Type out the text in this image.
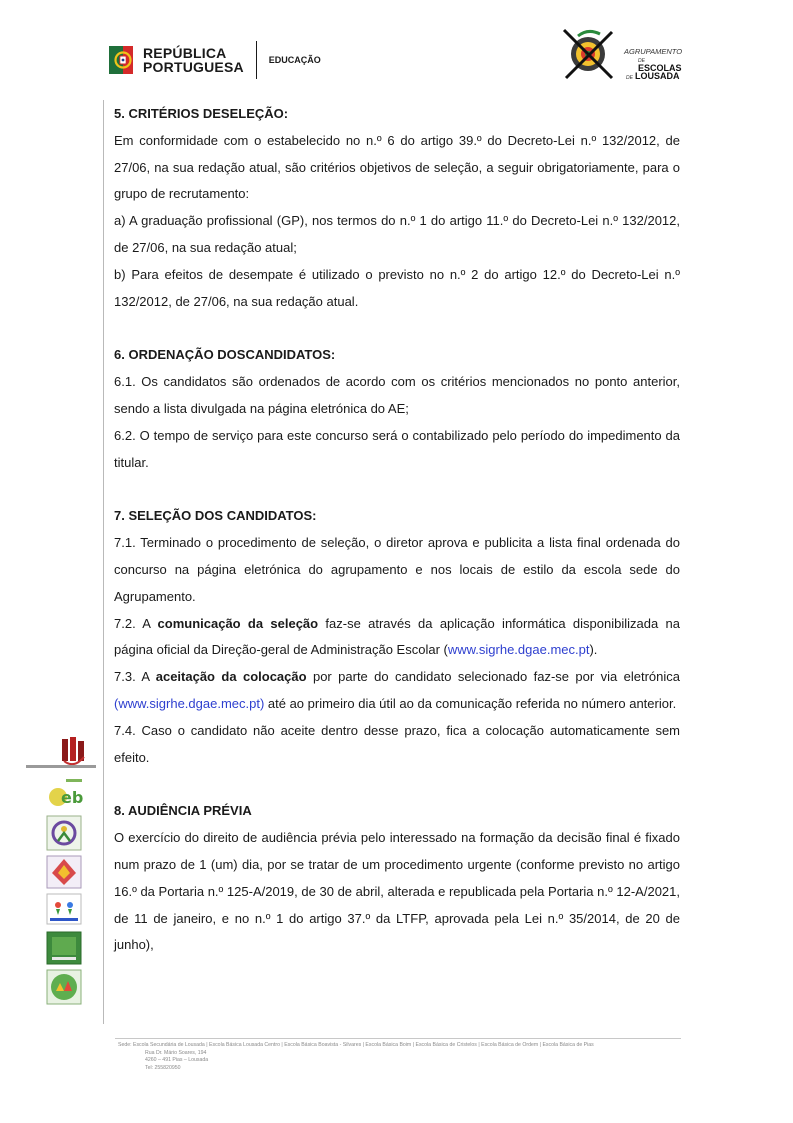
REPÚBLICA
PORTUGUESA	EDUCAÇÃO
AGRUPAMENTO
DE ESCOLAS
DE LOUSADA
5. CRITÉRIOS DESELEÇÃO:

Em conformidade com o estabelecido no n.º 6 do artigo 39.º do Decreto-Lei n.º 132/2012, de 27/06, na sua redação atual, são critérios objetivos de seleção, a seguir obrigatoriamente, para o grupo de recrutamento:

a) A graduação profissional (GP), nos termos do n.º 1 do artigo 11.º do Decreto-Lei n.º 132/2012, de 27/06, na sua redação atual;

b) Para efeitos de desempate é utilizado o previsto no n.º 2 do artigo 12.º do Decreto-Lei n.º 132/2012, de 27/06, na sua redação atual.

6. ORDENAÇÃO DOSCANDIDATOS:

6.1. Os candidatos são ordenados de acordo com os critérios mencionados no ponto anterior, sendo a lista divulgada na página eletrónica do AE;

6.2. O tempo de serviço para este concurso será o contabilizado pelo período do impedimento da titular.

7. SELEÇÃO DOS CANDIDATOS:

7.1. Terminado o procedimento de seleção, o diretor aprova e publicita a lista final ordenada do concurso na página eletrónica do agrupamento e nos locais de estilo da escola sede do Agrupamento.

7.2. A comunicação da seleção faz-se através da aplicação informática disponibilizada na página oficial da Direção-geral de Administração Escolar (www.sigrhe.dgae.mec.pt).

7.3. A aceitação da colocação por parte do candidato selecionado faz-se por via eletrónica (www.sigrhe.dgae.mec.pt) até ao primeiro dia útil ao da comunicação referida no número anterior.

7.4. Caso o candidato não aceite dentro desse prazo, fica a colocação automaticamente sem efeito.

8. AUDIÊNCIA PRÉVIA

O exercício do direito de audiência prévia pelo interessado na formação da decisão final é fixado num prazo de 1 (um) dia, por se tratar de um procedimento urgente (conforme previsto no artigo 16.º da Portaria n.º 125-A/2019, de 30 de abril, alterada e republicada pela Portaria n.º 12-A/2021, de 11 de janeiro, e no n.º 1 do artigo 37.º da LTFP, aprovada pela Lei n.º 35/2014, de 20 de junho),

eb
Sede: Escola Secundária de Lousada | Escola Básica Lousada Centro | Escola Básica Boavista - Silvares | Escola Básica Boim | Escola Básica de Cristelos | Escola Básica de Ordem | Escola Básica de Pias
Rua Dr. Mário Soares, 194
4260 – 491 Pias – Lousada
Tel: 255820950
